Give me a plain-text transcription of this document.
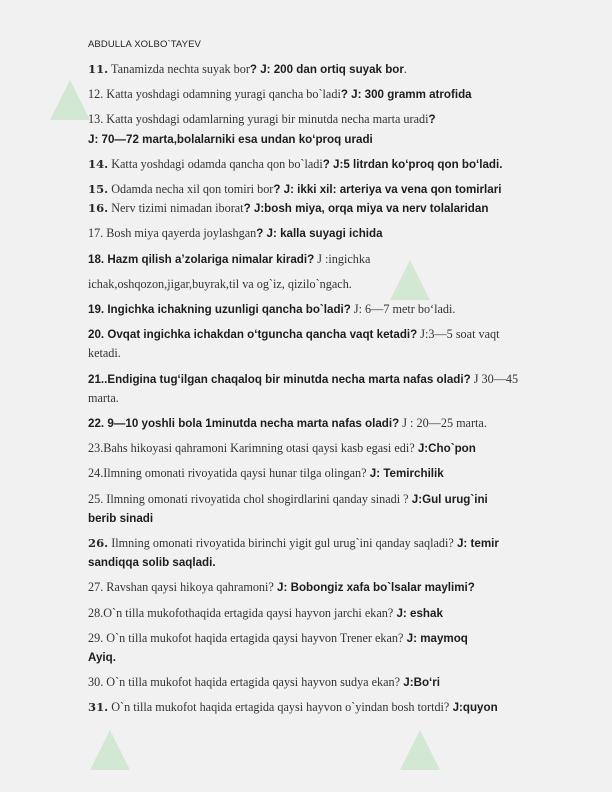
ABDULLA XOLBO`TAYEV
11. Tanamizda nechta suyak bor? J: 200 dan ortiq suyak bor.
12. Katta yoshdagi odamning yuragi qancha bo`ladi? J: 300 gramm atrofida
13. Katta yoshdagi odamlarning yuragi bir minutda necha marta uradi?
J: 70—72 marta,bolalarniki esa undan ko‘proq uradi
14. Katta yoshdagi odamda qancha qon bo`ladi? J:5 litrdan ko‘proq qon bo‘ladi.
15. Odamda necha xil qon tomiri bor? J: ikki xil: arteriya va vena qon tomirlari
16. Nerv tizimi nimadan iborat? J:bosh miya, orqa miya va nerv tolalaridan
17. Bosh miya qayerda joylashgan? J: kalla suyagi ichida
18. Hazm qilish a’zolariga nimalar kiradi? J :ingichka
ichak,oshqozon,jigar,buyrak,til va og`iz, qizilo`ngach.
19. Ingichka ichakning uzunligi qancha bo`ladi? J: 6—7 metr bo‘ladi.
20. Ovqat ingichka ichakdan o‘tguncha qancha vaqt ketadi? J:3—5 soat vaqt
ketadi.
21..Endigina tug‘ilgan chaqaloq bir minutda necha marta nafas oladi? J 30—45
marta.
22. 9—10 yoshli bola 1minutda necha marta nafas oladi? J : 20—25 marta.
23.Bahs hikoyasi qahramoni Karimning otasi qaysi kasb egasi edi? J:Cho`pon
24.Ilmning omonati rivoyatida qaysi hunar tilga olingan? J: Temirchilik
25. Ilmning omonati rivoyatida chol shogirdlarini qanday sinadi ? J:Gul urug`ini
berib sinadi
26. Ilmning omonati rivoyatida birinchi yigit gul urug`ini qanday saqladi? J: temir
sandiqqa solib saqladi.
27. Ravshan qaysi hikoya qahramoni? J: Bobongiz xafa bo`lsalar maylimi?
28.O`n tilla mukofothaqida ertagida qaysi hayvon jarchi ekan? J: eshak
29. O`n tilla mukofot haqida ertagida qaysi hayvon Trener ekan? J: maymoq
Ayiq.
30. O`n tilla mukofot haqida ertagida qaysi hayvon sudya ekan? J:Bo‘ri
31. O`n tilla mukofot haqida ertagida qaysi hayvon o`yindan bosh tortdi? J:quyon
